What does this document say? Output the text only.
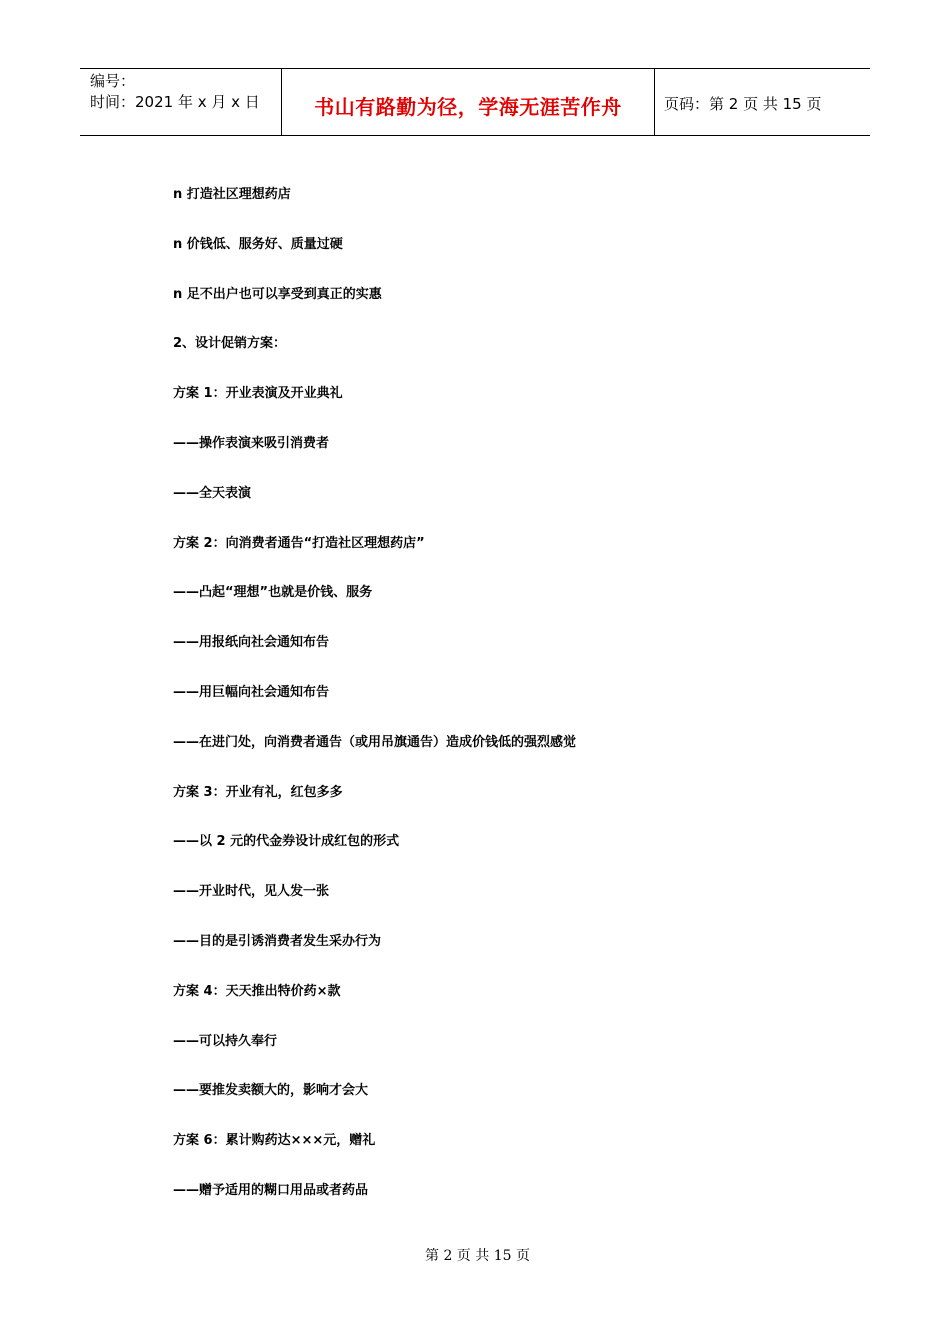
编号：
时间：2021 年 x 月 x 日	书山有路勤为径，学海无涯苦作舟	页码：第 2 页 共 15 页
n 打造社区理想药店
n 价钱低、服务好、质量过硬
n 足不出户也可以享受到真正的实惠
2、设计促销方案：
方案 1：开业表演及开业典礼
——操作表演来吸引消费者
——全天表演
方案 2：向消费者通告“打造社区理想药店”
——凸起“理想”也就是价钱、服务
——用报纸向社会通知布告
——用巨幅向社会通知布告
——在进门处，向消费者通告（或用吊旗通告）造成价钱低的强烈感觉
方案 3：开业有礼，红包多多
——以 2 元的代金券设计成红包的形式
——开业时代，见人发一张
——目的是引诱消费者发生采办行为
方案 4：天天推出特价药×款
——可以持久奉行
——要推发卖额大的，影响才会大
方案 6：累计购药达×××元，赠礼
——赠予适用的糊口用品或者药品
第 2 页 共 15 页
